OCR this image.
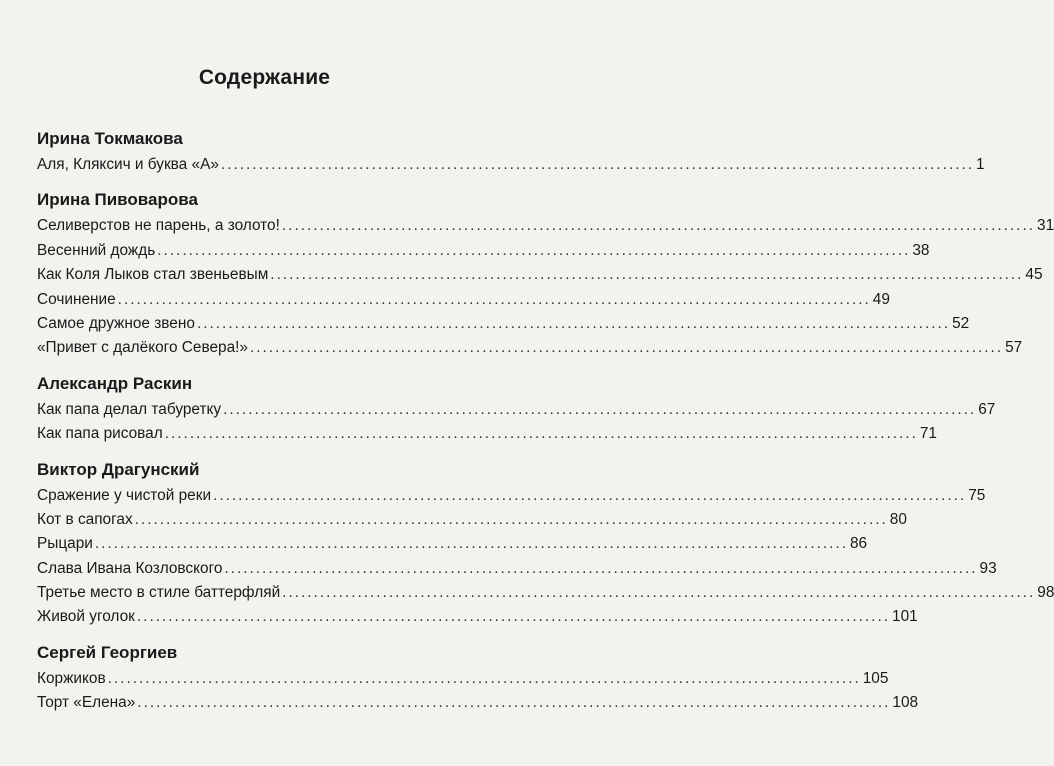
Содержание
Ирина Токмакова
Аля, Кляксич и буква «А» ........................................................................................................................ 1
Ирина Пивоварова
Селиверстов не парень, а золото! ........................................................................................................................ 31
Весенний дождь ........................................................................................................................ 38
Как Коля Лыков стал звеньевым ........................................................................................................................ 45
Сочинение ........................................................................................................................ 49
Самое дружное звено ........................................................................................................................ 52
«Привет с далёкого Севера!» ........................................................................................................................ 57
Александр Раскин
Как папа делал табуретку ........................................................................................................................ 67
Как папа рисовал ........................................................................................................................ 71
Виктор Драгунский
Сражение у чистой реки ........................................................................................................................ 75
Кот в сапогах ........................................................................................................................ 80
Рыцари ........................................................................................................................ 86
Слава Ивана Козловского ........................................................................................................................ 93
Третье место в стиле баттерфляй ........................................................................................................................ 98
Живой уголок ........................................................................................................................ 101
Сергей Георгиев
Коржиков ........................................................................................................................ 105
Торт «Елена» ........................................................................................................................ 108
